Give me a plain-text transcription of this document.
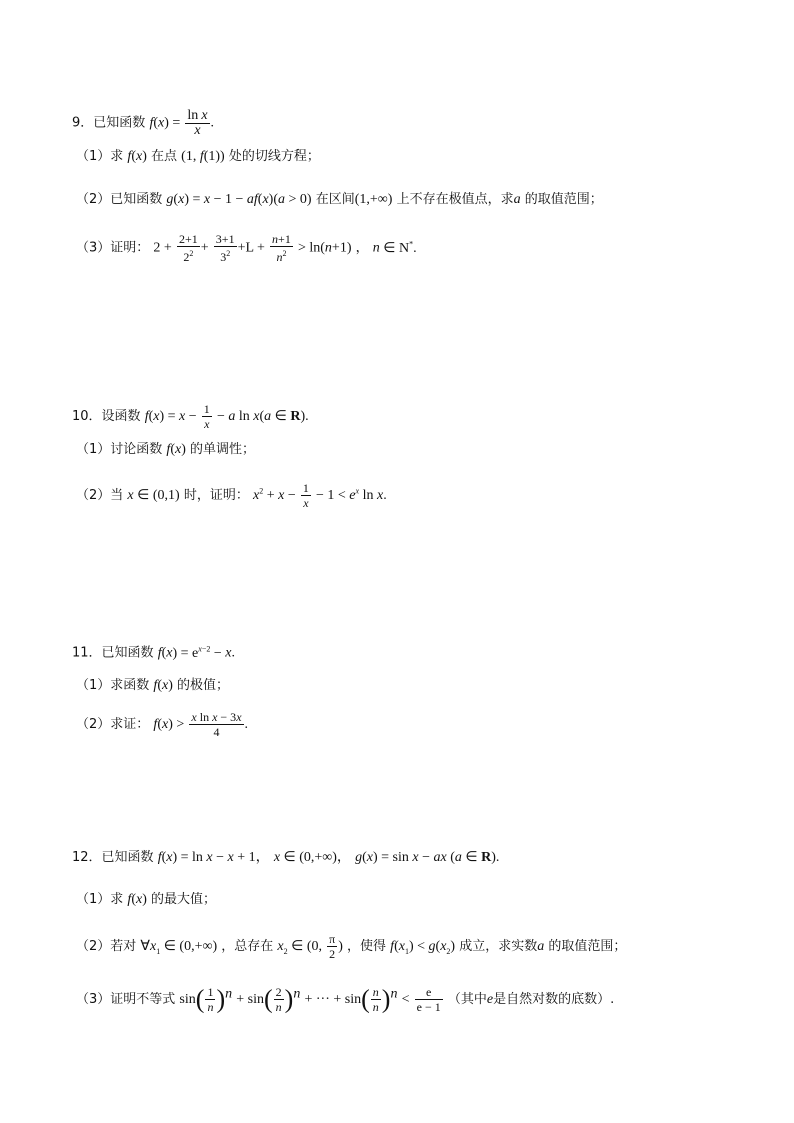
9．已知函数 $f(x) = \frac{\text{ln x}}{x}$ .
（1）求 f(x) 在点 (1, f(1)) 处的切线方程；
（2）已知函数 g(x) = x − 1 − af(x)(a > 0) 在区间(1,+∞) 上不存在极值点，求a 的取值范围；
（3）证明： $2 + \frac{2+1}{2^2} + \frac{3+1}{3^2} +L + \frac{n+1}{n^2} > \ln(n+1)$ ， n ∈ N*.
10．设函数 $f(x) = x - \frac{1}{x} - a$ ln x(a ∈ R).
（1）讨论函数 f(x) 的单调性；
（2）当 x ∈ (0,1) 时，证明： $x^2 + x - \frac{1}{x} - 1 < e^x$ ln x.
11．已知函数 $f(x) = e^{x-2} - x$.
（1）求函数 f(x) 的极值；
（2）求证： $f(x) > \frac{\text{x ln x − 3x}}{4}$ .
12．已知函数 f(x) = ln x − x + 1， x ∈ (0,+∞)， g(x) = sin x − ax (a ∈ R).
（1）求 f(x) 的最大值；
（2）若对 $\forall x_1$ ∈ (0,+∞) ，总存在 $x_2$ ∈ (0, $\frac{\pi}{2}$ ) ，使得 $f(x_1) < g(x_2)$ 成立，求实数a 的取值范围；
（3）证明不等式 $\sin( \frac{1}{n} )^n + \sin( \frac{2}{n} )^n$ + ··· + $\sin( \frac{n}{n} )^n < \frac{e}{e - 1}$ （其中e是自然对数的底数）.
